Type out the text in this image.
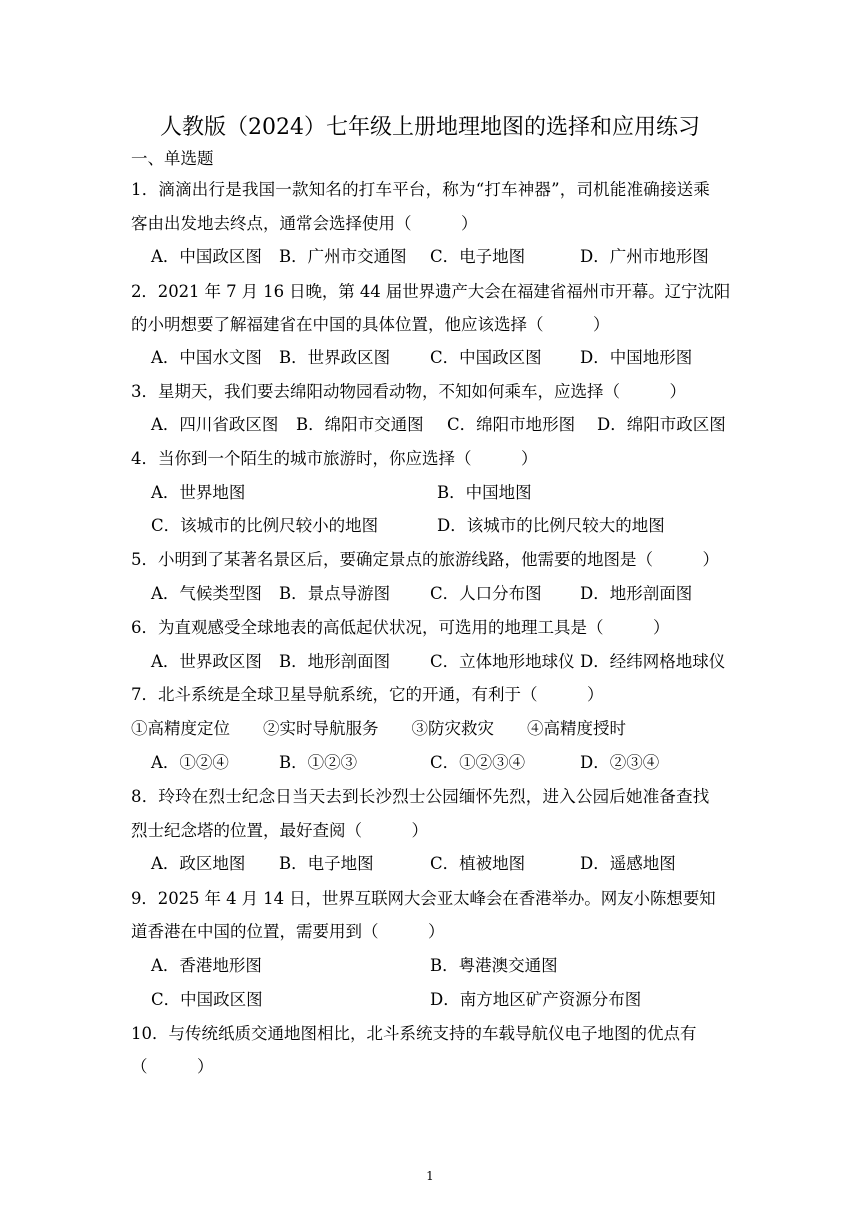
人教版（2024）七年级上册地理地图的选择和应用练习
一、单选题
1．滴滴出行是我国一款知名的打车平台，称为“打车神器”，司机能准确接送乘
客由出发地去终点，通常会选择使用（　　　）
A．中国政区图 B．广州市交通图 C．电子地图	D．广州市地形图
2．2021 年 7 月 16 日晚，第 44 届世界遗产大会在福建省福州市开幕。辽宁沈阳
的小明想要了解福建省在中国的具体位置，他应该选择（　　　）
A．中国水文图 B．世界政区图 C．中国政区图 D．中国地形图
3．星期天，我们要去绵阳动物园看动物，不知如何乘车，应选择（　　　）
A．四川省政区图 B．绵阳市交通图 C．绵阳市地形图 D．绵阳市政区图
4．当你到一个陌生的城市旅游时，你应选择（　　　）
A．世界地图	B．中国地图
C．该城市的比例尺较小的地图	D．该城市的比例尺较大的地图
5．小明到了某著名景区后，要确定景点的旅游线路，他需要的地图是（　　　）
A．气候类型图 B．景点导游图 C．人口分布图 D．地形剖面图
6．为直观感受全球地表的高低起伏状况，可选用的地理工具是（　　　）
A．世界政区图 B．地形剖面图 C．立体地形地球仪 D．经纬网格地球仪
7．北斗系统是全球卫星导航系统，它的开通，有利于（　　　）
①高精度定位　　②实时导航服务　　③防灾救灾　　④高精度授时
A．①②④	B．①②③	C．①②③④	D．②③④
8．玲玲在烈士纪念日当天去到长沙烈士公园缅怀先烈，进入公园后她准备查找
烈士纪念塔的位置，最好查阅（　　　）
A．政区地图 B．电子地图	C．植被地图	D．遥感地图
9．2025 年 4 月 14 日，世界互联网大会亚太峰会在香港举办。网友小陈想要知
道香港在中国的位置，需要用到（　　　）
A．香港地形图	B．粤港澳交通图
C．中国政区图	D．南方地区矿产资源分布图
10．与传统纸质交通地图相比，北斗系统支持的车载导航仪电子地图的优点有
（　　　）
1
